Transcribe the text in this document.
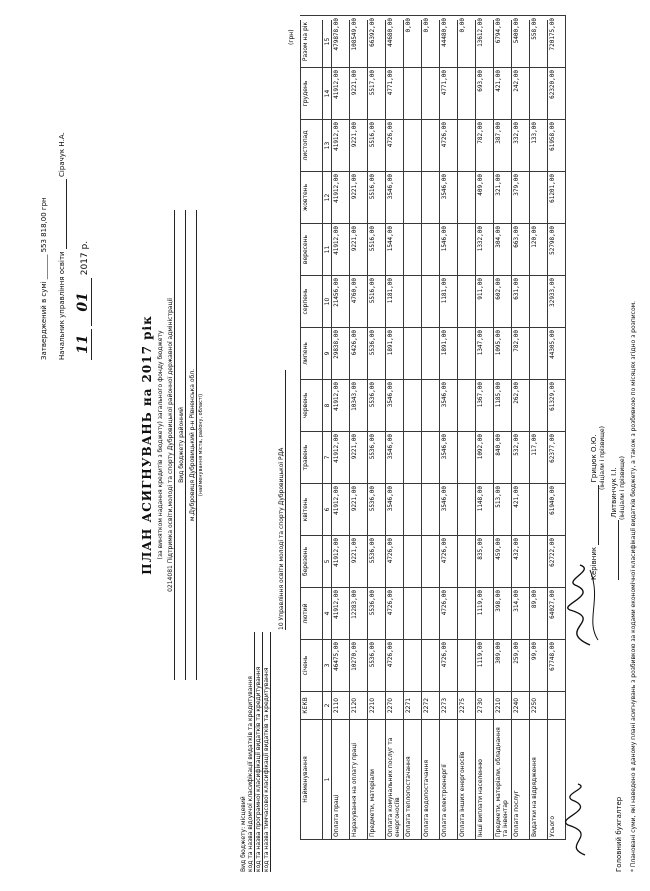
Затверджений в сумі _______ 553 818,00 грн Начальник управління освіти   Сірачук Н.А.
11 01 2017 р.
ПЛАН АСИГНУВАНЬ на 2017 рік (за винятком надання кредитів з бюджету) загального фонду бюджету 0214081 Підтримка освіти,молоді та спорту Дубровицької районної державної адміністрації Вид бюджету районний м.Дубровиця Дубровицький р-н Рівненська обл. (найменування міста, району, області)
Вид бюджету: місцевий код та назва відомчої класифікації видатків та кредитування код та назва програмної класифікації видатків та кредитування код та назва тимчасової класифікації видатків та кредитування
10 Управління освіти молоді та спорту Дубровицької РДА
(грн)
Найменування
КЕКВ
січень
лютий
березень
квітень
травень
червень
липень
серпень
вересень
жовтень
листопад
грудень
Разом на рік
1
2
3
4
5
6
7
8
9
10
11
12
13
14
15
Оплата праці
2110
46475,00
41912,00
41912,00
41912,00
41912,00
41912,00
29838,00
21456,00
41912,00
41912,00
41912,00
41912,00
479878,00
Нарахування на оплату праці
2120
10270,00
12283,00
9221,00
9221,00
9221,00
10343,00
6426,00
4760,00
9221,00
9221,00
9221,00
9221,00
108549,00
Предмети, матеріали
2210
5536,00
5536,00
5536,00
5536,00
5536,00
5536,00
5536,00
5516,00
5516,00
5516,00
5516,00
5517,00
66392,00
Оплата комунальних послуг та енергоносіїв
2270
4726,00
4726,00
4726,00
3546,00
3546,00
3546,00
1891,00
1181,00
1544,00
3546,00
4726,00
4771,00
44680,00
Оплата теплопостачання
2271
0,00
Оплата водопостачання
2272
0,00
Оплата електроенергії
2273
4726,00
4726,00
4726,00
3546,00
3546,00
3546,00
1891,00
1181,00
1546,00
3546,00
4726,00
4771,00
44480,00
Оплата інших енергоносіїв
2275
0,00
Інші виплати населенню
2730
1119,00
1119,00
835,00
1148,00
1092,00
1367,00
1347,00
911,00
1332,00
409,00
782,00
693,00
13612,00
Предмети, матеріали, обладнання та інвентар
2210
309,00
398,00
459,00
513,00
840,00
1185,00
1095,00
602,00
304,00
321,00
387,00
421,00
6794,00
Оплата послуг
2240
259,00
314,00
432,00
421,00
532,00
262,00
782,00
631,00
663,00
379,00
332,00
242,00
5400,00
Видатки на відрядження
2250
99,00
89,00
117,00
120,00
133,00
558,00
Усього
67748,00
64027,00
62722,00
61940,00
62377,00
61329,00
44305,00
32933,00
52798,00
61201,00
61958,00
62320,00
720175,00
Головний бухгалтер
Керівник   Грицюк О.Ю. (ініціали і прізвище)
Литвинчук І.І. (ініціали і прізвище) * Плановані суми, які наведено в даному плані асигнувань з розбивкою за кодами економічної класифікації видатків бюджету, а також з розбивкою по місяцях згідно з розписом.
